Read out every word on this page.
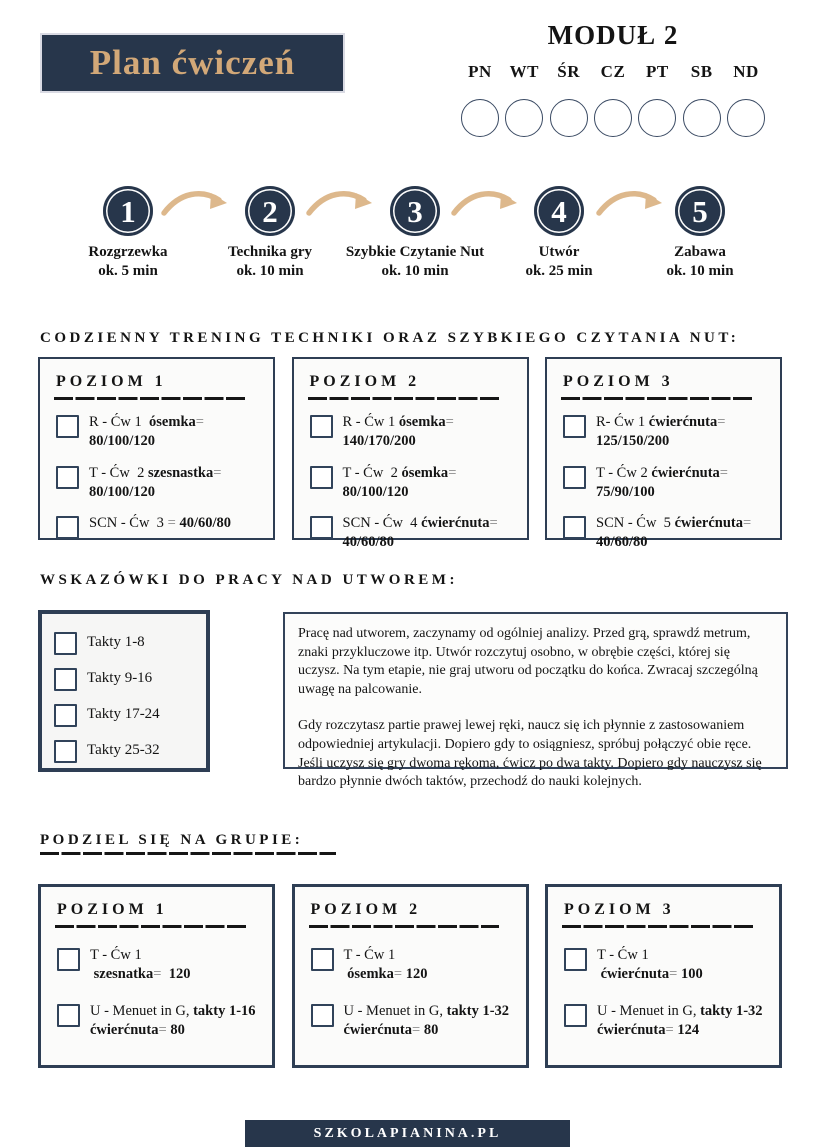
Plan ćwiczeń
MODUŁ 2
PN WT ŚR CZ PT SB ND
1
Rozgrzewka
ok. 5 min
2
Technika gry
ok. 10 min
3
Szybkie Czytanie Nut
ok. 10 min
4
Utwór
ok. 25 min
5
Zabawa
ok. 10 min
CODZIENNY TRENING TECHNIKI ORAZ SZYBKIEGO CZYTANIA NUT:
POZIOM 1
R - Ćw 1  ósemka=
80/100/120
T - Ćw  2 szesnastka=
80/100/120
SCN - Ćw  3 = 40/60/80
POZIOM 2
R - Ćw 1 ósemka=
140/170/200
T - Ćw  2 ósemka=
80/100/120
SCN - Ćw  4 ćwierćnuta=
40/60/80
POZIOM 3
R- Ćw 1 ćwierćnuta=
125/150/200
T - Ćw 2 ćwierćnuta=
75/90/100
SCN - Ćw  5 ćwierćnuta=
40/60/80
WSKAZÓWKI DO PRACY NAD UTWOREM:
Takty 1-8
Takty 9-16
Takty 17-24
Takty 25-32

Pracę nad utworem, zaczynamy od ogólniej analizy. Przed grą, sprawdź metrum, znaki przykluczowe itp. Utwór rozczytuj osobno, w obrębie części, której się uczysz. Na tym etapie, nie graj utworu od początku do końca. Zwracaj szczególną uwagę na palcowanie.

Gdy rozczytasz partie prawej lewej ręki, naucz się ich płynnie z zastosowaniem odpowiedniej artykulacji. Dopiero gdy to osiągniesz, spróbuj połączyć obie ręce. Jeśli uczysz się gry dwoma rękoma, ćwicz po dwa takty. Dopiero gdy nauczysz się bardzo płynnie dwóch taktów, przechodź do nauki kolejnych.

PODZIEL SIĘ NA GRUPIE:
POZIOM 1
T - Ćw 1
szesnatka=  120
U - Menuet in G, takty 1-16
ćwierćnuta= 80
POZIOM 2
T - Ćw 1
ósemka= 120
U - Menuet in G, takty 1-32
ćwierćnuta= 80
POZIOM 3
T - Ćw 1
ćwierćnuta= 100
U - Menuet in G, takty 1-32
ćwierćnuta= 124
SZKOLAPIANINA.PL
